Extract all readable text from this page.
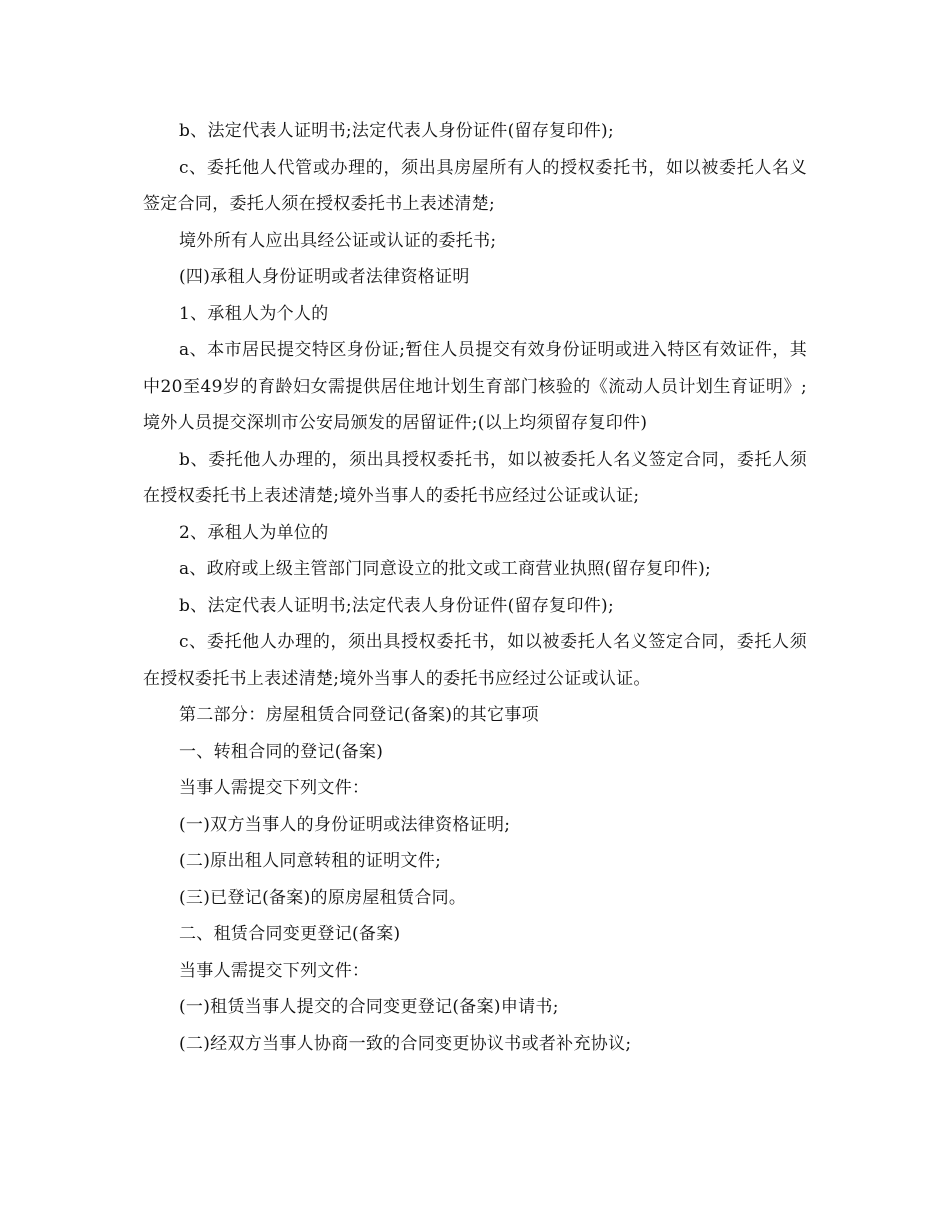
b、法定代表人证明书;法定代表人身份证件(留存复印件);

c、委托他人代管或办理的，须出具房屋所有人的授权委托书，如以被委托人名义签定合同，委托人须在授权委托书上表述清楚;

境外所有人应出具经公证或认证的委托书;

(四)承租人身份证明或者法律资格证明

1、承租人为个人的

a、本市居民提交特区身份证;暂住人员提交有效身份证明或进入特区有效证件，其中20至49岁的育龄妇女需提供居住地计划生育部门核验的《流动人员计划生育证明》;境外人员提交深圳市公安局颁发的居留证件;(以上均须留存复印件)

b、委托他人办理的，须出具授权委托书，如以被委托人名义签定合同，委托人须在授权委托书上表述清楚;境外当事人的委托书应经过公证或认证;

2、承租人为单位的

a、政府或上级主管部门同意设立的批文或工商营业执照(留存复印件);

b、法定代表人证明书;法定代表人身份证件(留存复印件);

c、委托他人办理的，须出具授权委托书，如以被委托人名义签定合同，委托人须在授权委托书上表述清楚;境外当事人的委托书应经过公证或认证。

第二部分：房屋租赁合同登记(备案)的其它事项

一、转租合同的登记(备案)

当事人需提交下列文件：

(一)双方当事人的身份证明或法律资格证明;

(二)原出租人同意转租的证明文件;

(三)已登记(备案)的原房屋租赁合同。

二、租赁合同变更登记(备案)

当事人需提交下列文件：

(一)租赁当事人提交的合同变更登记(备案)申请书;

(二)经双方当事人协商一致的合同变更协议书或者补充协议;
